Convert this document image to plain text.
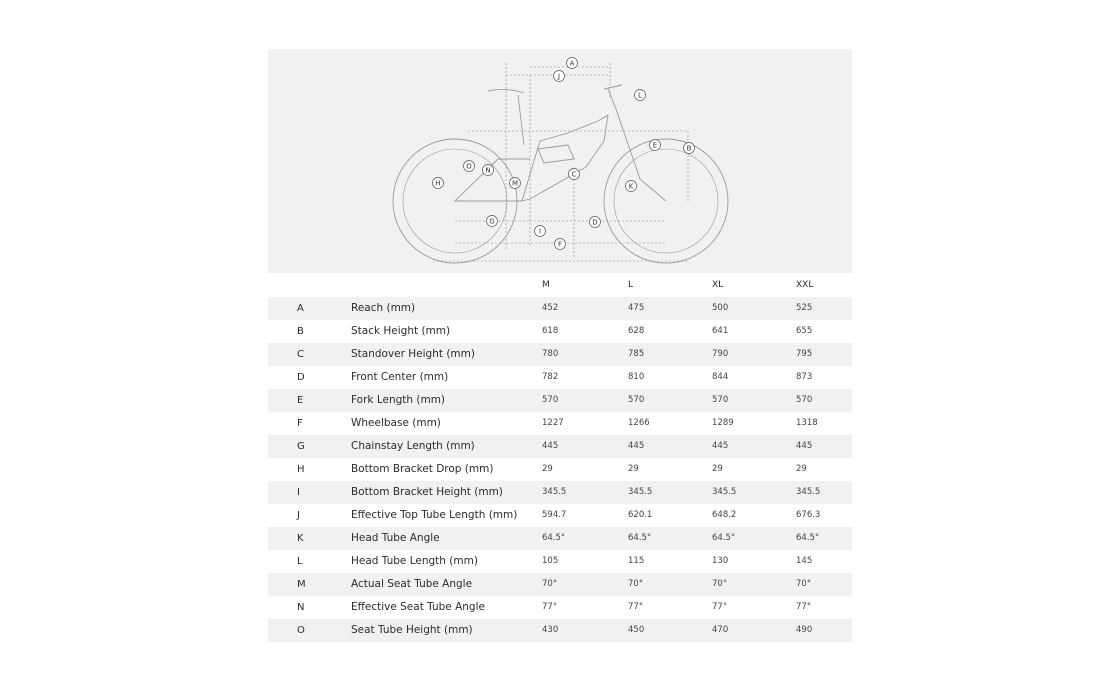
A
B
C
D
E
F
G
H
I
J
K
L
M
N
O
		M	L	XL	XXL
A	Reach (mm)	452	475	500	525
B	Stack Height (mm)	618	628	641	655
C	Standover Height (mm)	780	785	790	795
D	Front Center (mm)	782	810	844	873
E	Fork Length (mm)	570	570	570	570
F	Wheelbase (mm)	1227	1266	1289	1318
G	Chainstay Length (mm)	445	445	445	445
H	Bottom Bracket Drop (mm)	29	29	29	29
I	Bottom Bracket Height (mm)	345.5	345.5	345.5	345.5
J	Effective Top Tube Length (mm)	594.7	620.1	648.2	676.3
K	Head Tube Angle	64.5°	64.5°	64.5°	64.5°
L	Head Tube Length (mm)	105	115	130	145
M	Actual Seat Tube Angle	70°	70°	70°	70°
N	Effective Seat Tube Angle	77°	77°	77°	77°
O	Seat Tube Height (mm)	430	450	470	490
